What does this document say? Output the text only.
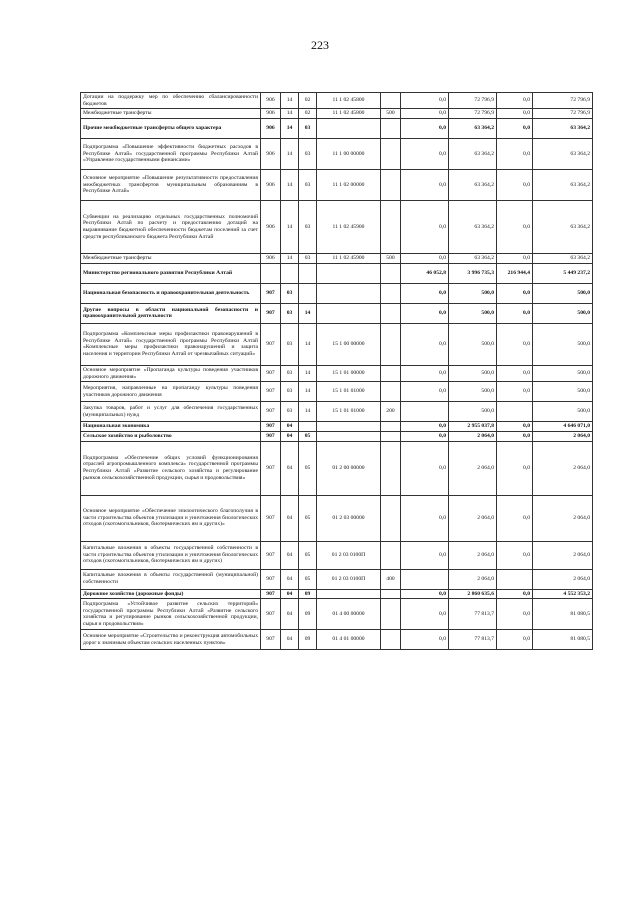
223
Дотации на поддержку мер по обеспечению сбалансированности бюджетов	906	14	02	11 1 02 45800		0,0	72 796,9	0,0	72 796,9
Межбюджетные трансферты	906	14	02	11 1 02 45800	500	0,0	72 796,9	0,0	72 796,9
Прочие межбюджетные трансферты общего характера	906	14	03			0,0	63 364,2	0,0	63 364,2
Подпрограмма «Повышение эффективности бюджетных расходов в Республике Алтай» государственной программы Республики Алтай «Управление государственными финансами»	906	14	03	11 1 00 00000		0,0	63 364,2	0,0	63 364,2
Основное мероприятие «Повышение результативности предоставления межбюджетных трансфертов муниципальным образованиям в Республике Алтай»	906	14	03	11 1 02 00000		0,0	63 364,2	0,0	63 364,2
Субвенции на реализацию отдельных государственных полномочий Республики Алтай по расчету и предоставлению дотаций на выравнивание бюджетной обеспеченности бюджетам поселений за счет средств республиканского бюджета Республики Алтай	906	14	03	11 1 02 45900		0,0	63 364,2	0,0	63 364,2
Межбюджетные трансферты	906	14	03	11 1 02 45900	500	0,0	63 364,2	0,0	63 364,2
Министерство регионального развития Республики Алтай						46 052,8	3 996 735,3	216 944,4	5 449 237,2
Национальная безопасность и правоохранительная деятельность	907	03				0,0	500,0	0,0	500,0
Другие вопросы в области национальной безопасности и правоохранительной деятельности	907	03	14			0,0	500,0	0,0	500,0
Подпрограмма «Комплексные меры профилактики правонарушений в Республике Алтай» государственной программы Республики Алтай «Комплексные меры профилактики правонарушений и защита населения и территории Республики Алтай от чрезвычайных ситуаций»	907	03	14	15 1 00 00000		0,0	500,0	0,0	500,0
Основное мероприятие «Пропаганда культуры поведения участников дорожного движения»	907	03	14	15 1 01 00000		0,0	500,0	0,0	500,0
Мероприятия, направленные на пропаганду культуры поведения участников дорожного движения	907	03	14	15 1 01 01000		0,0	500,0	0,0	500,0
Закупка товаров, работ и услуг для обеспечения государственных (муниципальных) нужд	907	03	14	15 1 01 01000	200		500,0		500,0
Национальная экономика	907	04				0,0	2 955 037,8	0,0	4 646 071,0
Сельское хозяйство и рыболовство	907	04	05			0,0	2 064,0	0,0	2 064,0
Подпрограмма «Обеспечение общих условий функционирования отраслей агропромышленного комплекса» государственной программы Республики Алтай «Развитие сельского хозяйства и регулирование рынков сельскохозяйственной продукции, сырья и продовольствия»	907	04	05	01 2 00 00000		0,0	2 064,0	0,0	2 064,0
Основное мероприятие «Обеспечение эпизоотического благополучия в части строительства объектов утилизации и уничтожения биологических отходов (скотомогильников, биотермических ям и других)»	907	04	05	01 2 03 00000		0,0	2 064,0	0,0	2 064,0
Капитальные вложения в объекты государственной собственности в части строительства объектов утилизации и уничтожения биологических отходов (скотомогильников, биотермических ям и других)	907	04	05	01 2 03 0100П		0,0	2 064,0	0,0	2 064,0
Капитальные вложения в объекты государственной (муниципальной) собственности	907	04	05	01 2 03 0100П	400		2 064,0		2 064,0
Дорожное хозяйство (дорожные фонды)	907	04	09			0,0	2 860 635,6	0,0	4 552 353,2
Подпрограмма «Устойчивое развитие сельских территорий» государственной программы Республики Алтай «Развитие сельского хозяйства и регулирование рынков сельскохозяйственной продукции, сырья и продовольствия»	907	04	09	01 4 00 00000		0,0	77 813,7	0,0	81 080,5
Основное мероприятие «Строительство и реконструкция автомобильных дорог к значимым объектам сельских населенных пунктов»	907	04	09	01 4 01 00000		0,0	77 813,7	0,0	81 080,5
